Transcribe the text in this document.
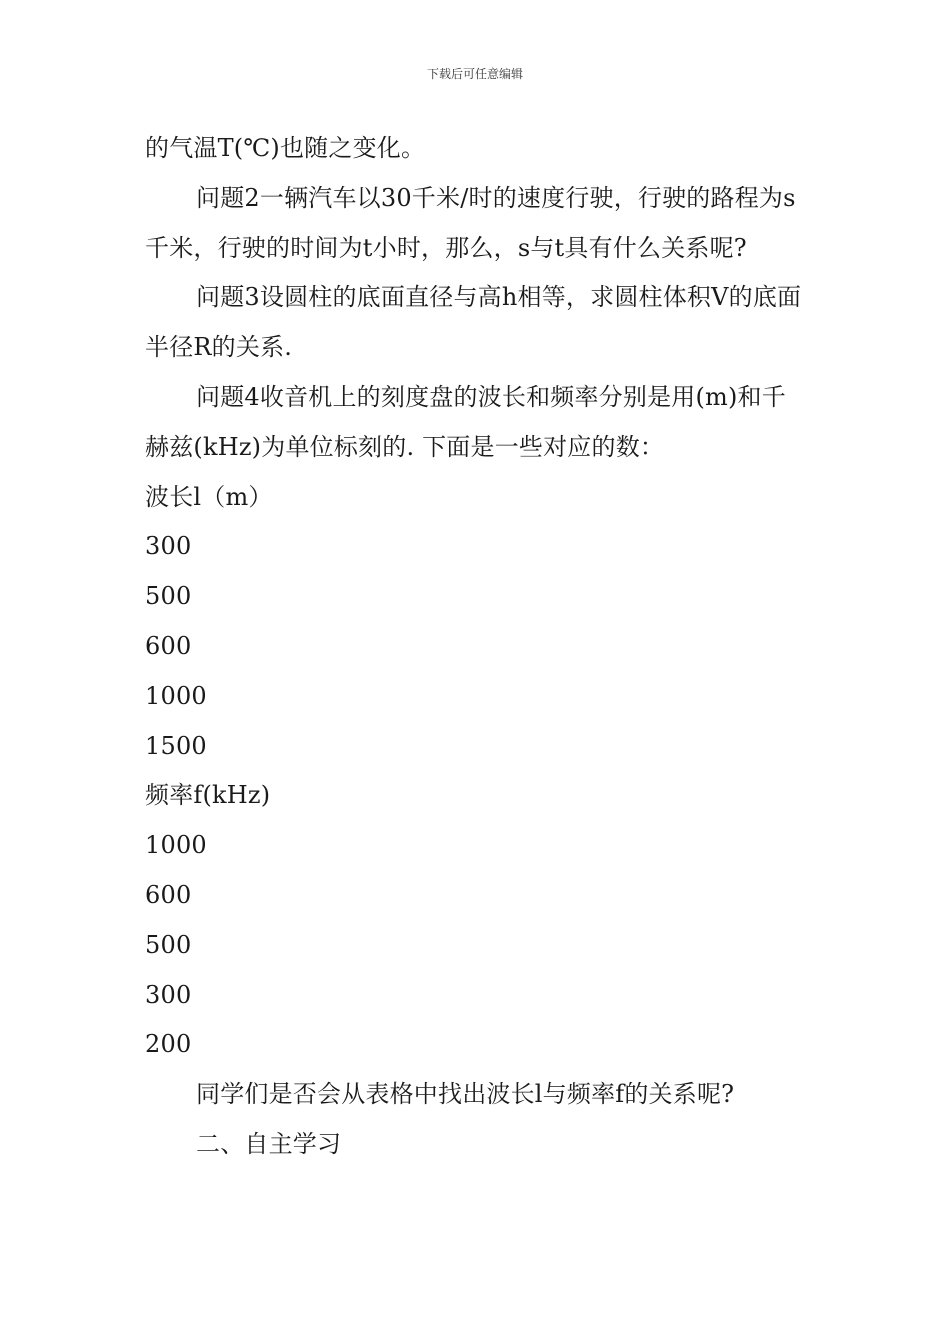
下载后可任意编辑

的气温T(℃)也随之变化。

问题2一辆汽车以30千米/时的速度行驶，行驶的路程为s千米，行驶的时间为t小时，那么，s与t具有什么关系呢?

问题3设圆柱的底面直径与高h相等，求圆柱体积V的底面半径R的关系.

问题4收音机上的刻度盘的波长和频率分别是用(m)和千赫兹(kHz)为单位标刻的. 下面是一些对应的数：

波长l（m）

300

500

600

1000

1500

频率f(kHz)

1000

600

500

300

200

同学们是否会从表格中找出波长l与频率f的关系呢?

二、自主学习
